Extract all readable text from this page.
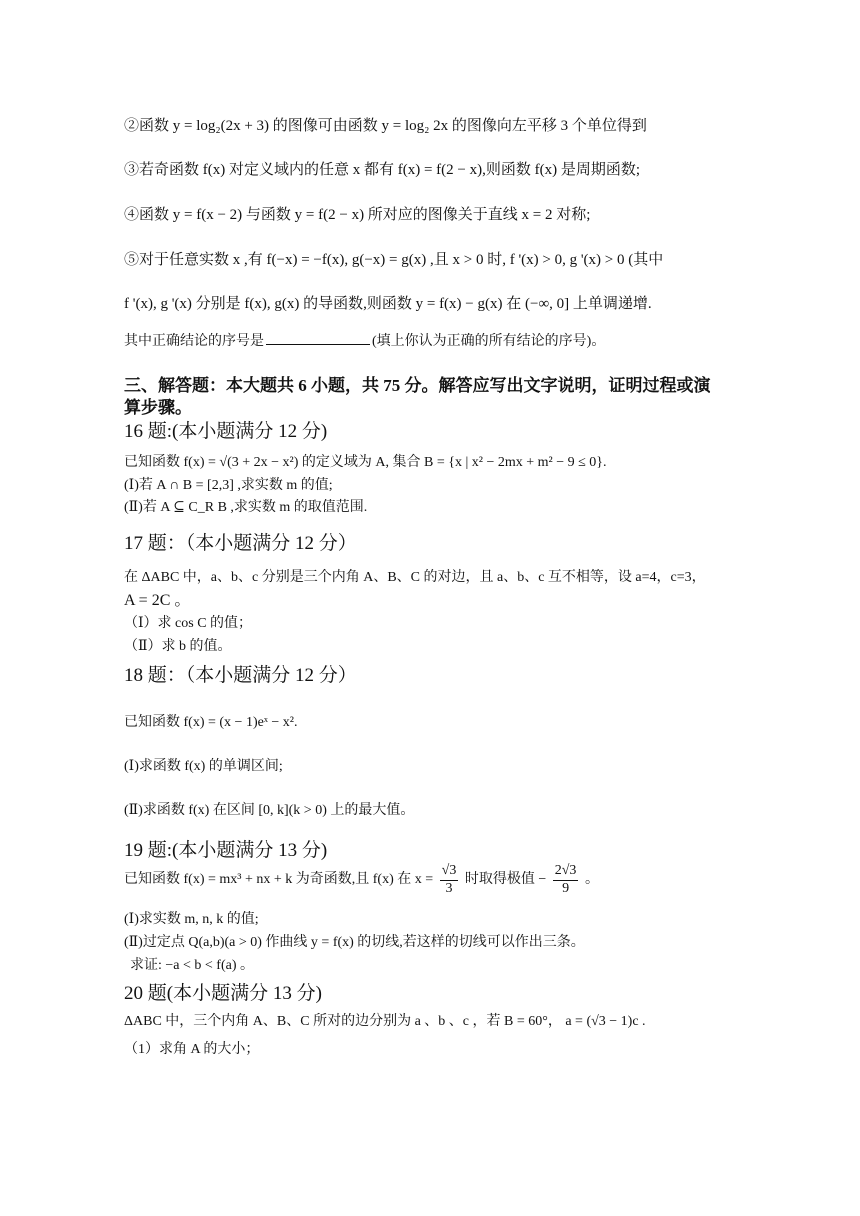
②函数 y = log₂(2x + 3) 的图像可由函数 y = log₂ 2x 的图像向左平移 3 个单位得到
③若奇函数 f(x) 对定义域内的任意 x 都有 f(x) = f(2 − x),则函数 f(x) 是周期函数;
④函数 y = f(x − 2) 与函数 y = f(2 − x) 所对应的图像关于直线 x = 2 对称;
⑤对于任意实数 x ,有 f(−x) = −f(x), g(−x) = g(x) ,且 x > 0 时, f '(x) > 0, g '(x) > 0 (其中
f '(x), g '(x) 分别是 f(x), g(x) 的导函数,则函数 y = f(x) − g(x) 在 (−∞, 0] 上单调递增.
其中正确结论的序号是	(填上你认为正确的所有结论的序号)。
三、解答题：本大题共 6 小题，共 75 分。解答应写出文字说明，证明过程或演
算步骤。
16 题:(本小题满分 12 分)
已知函数 f(x) = √(3 + 2x − x²) 的定义域为 A, 集合 B = {x | x² − 2mx + m² − 9 ≤ 0}.
(Ⅰ)若 A ∩ B = [2,3] ,求实数 m 的值;
(Ⅱ)若 A ⊆ C_R B ,求实数 m 的取值范围.
17 题：（本小题满分 12 分）
在 ΔABC 中，a、b、c 分别是三个内角 A、B、C 的对边，且 a、b、c 互不相等，设 a=4，c=3，
A = 2C 。
（Ⅰ）求 cos C 的值；
（Ⅱ）求 b 的值。
18 题：（本小题满分 12 分）
已知函数 f(x) = (x − 1)eˣ − x².
(Ⅰ)求函数 f(x) 的单调区间;
(Ⅱ)求函数 f(x) 在区间 [0, k](k > 0) 上的最大值。
19 题:(本小题满分 13 分)
已知函数 f(x) = mx³ + nx + k 为奇函数,且 f(x) 在 $x = \frac{√3}{3}$ 时取得极值 − $\frac{2√3}{9}$ 。
(Ⅰ)求实数 m, n, k 的值;
(Ⅱ)过定点 Q(a,b)(a > 0) 作曲线 y = f(x) 的切线,若这样的切线可以作出三条。
求证: −a < b < f(a) 。
20 题(本小题满分 13 分)
ΔABC 中，三个内角 A、B、C 所对的边分别为 a 、b 、c ，若 B = 60°， a = (√3 − 1)c .
（1）求角 A 的大小；
